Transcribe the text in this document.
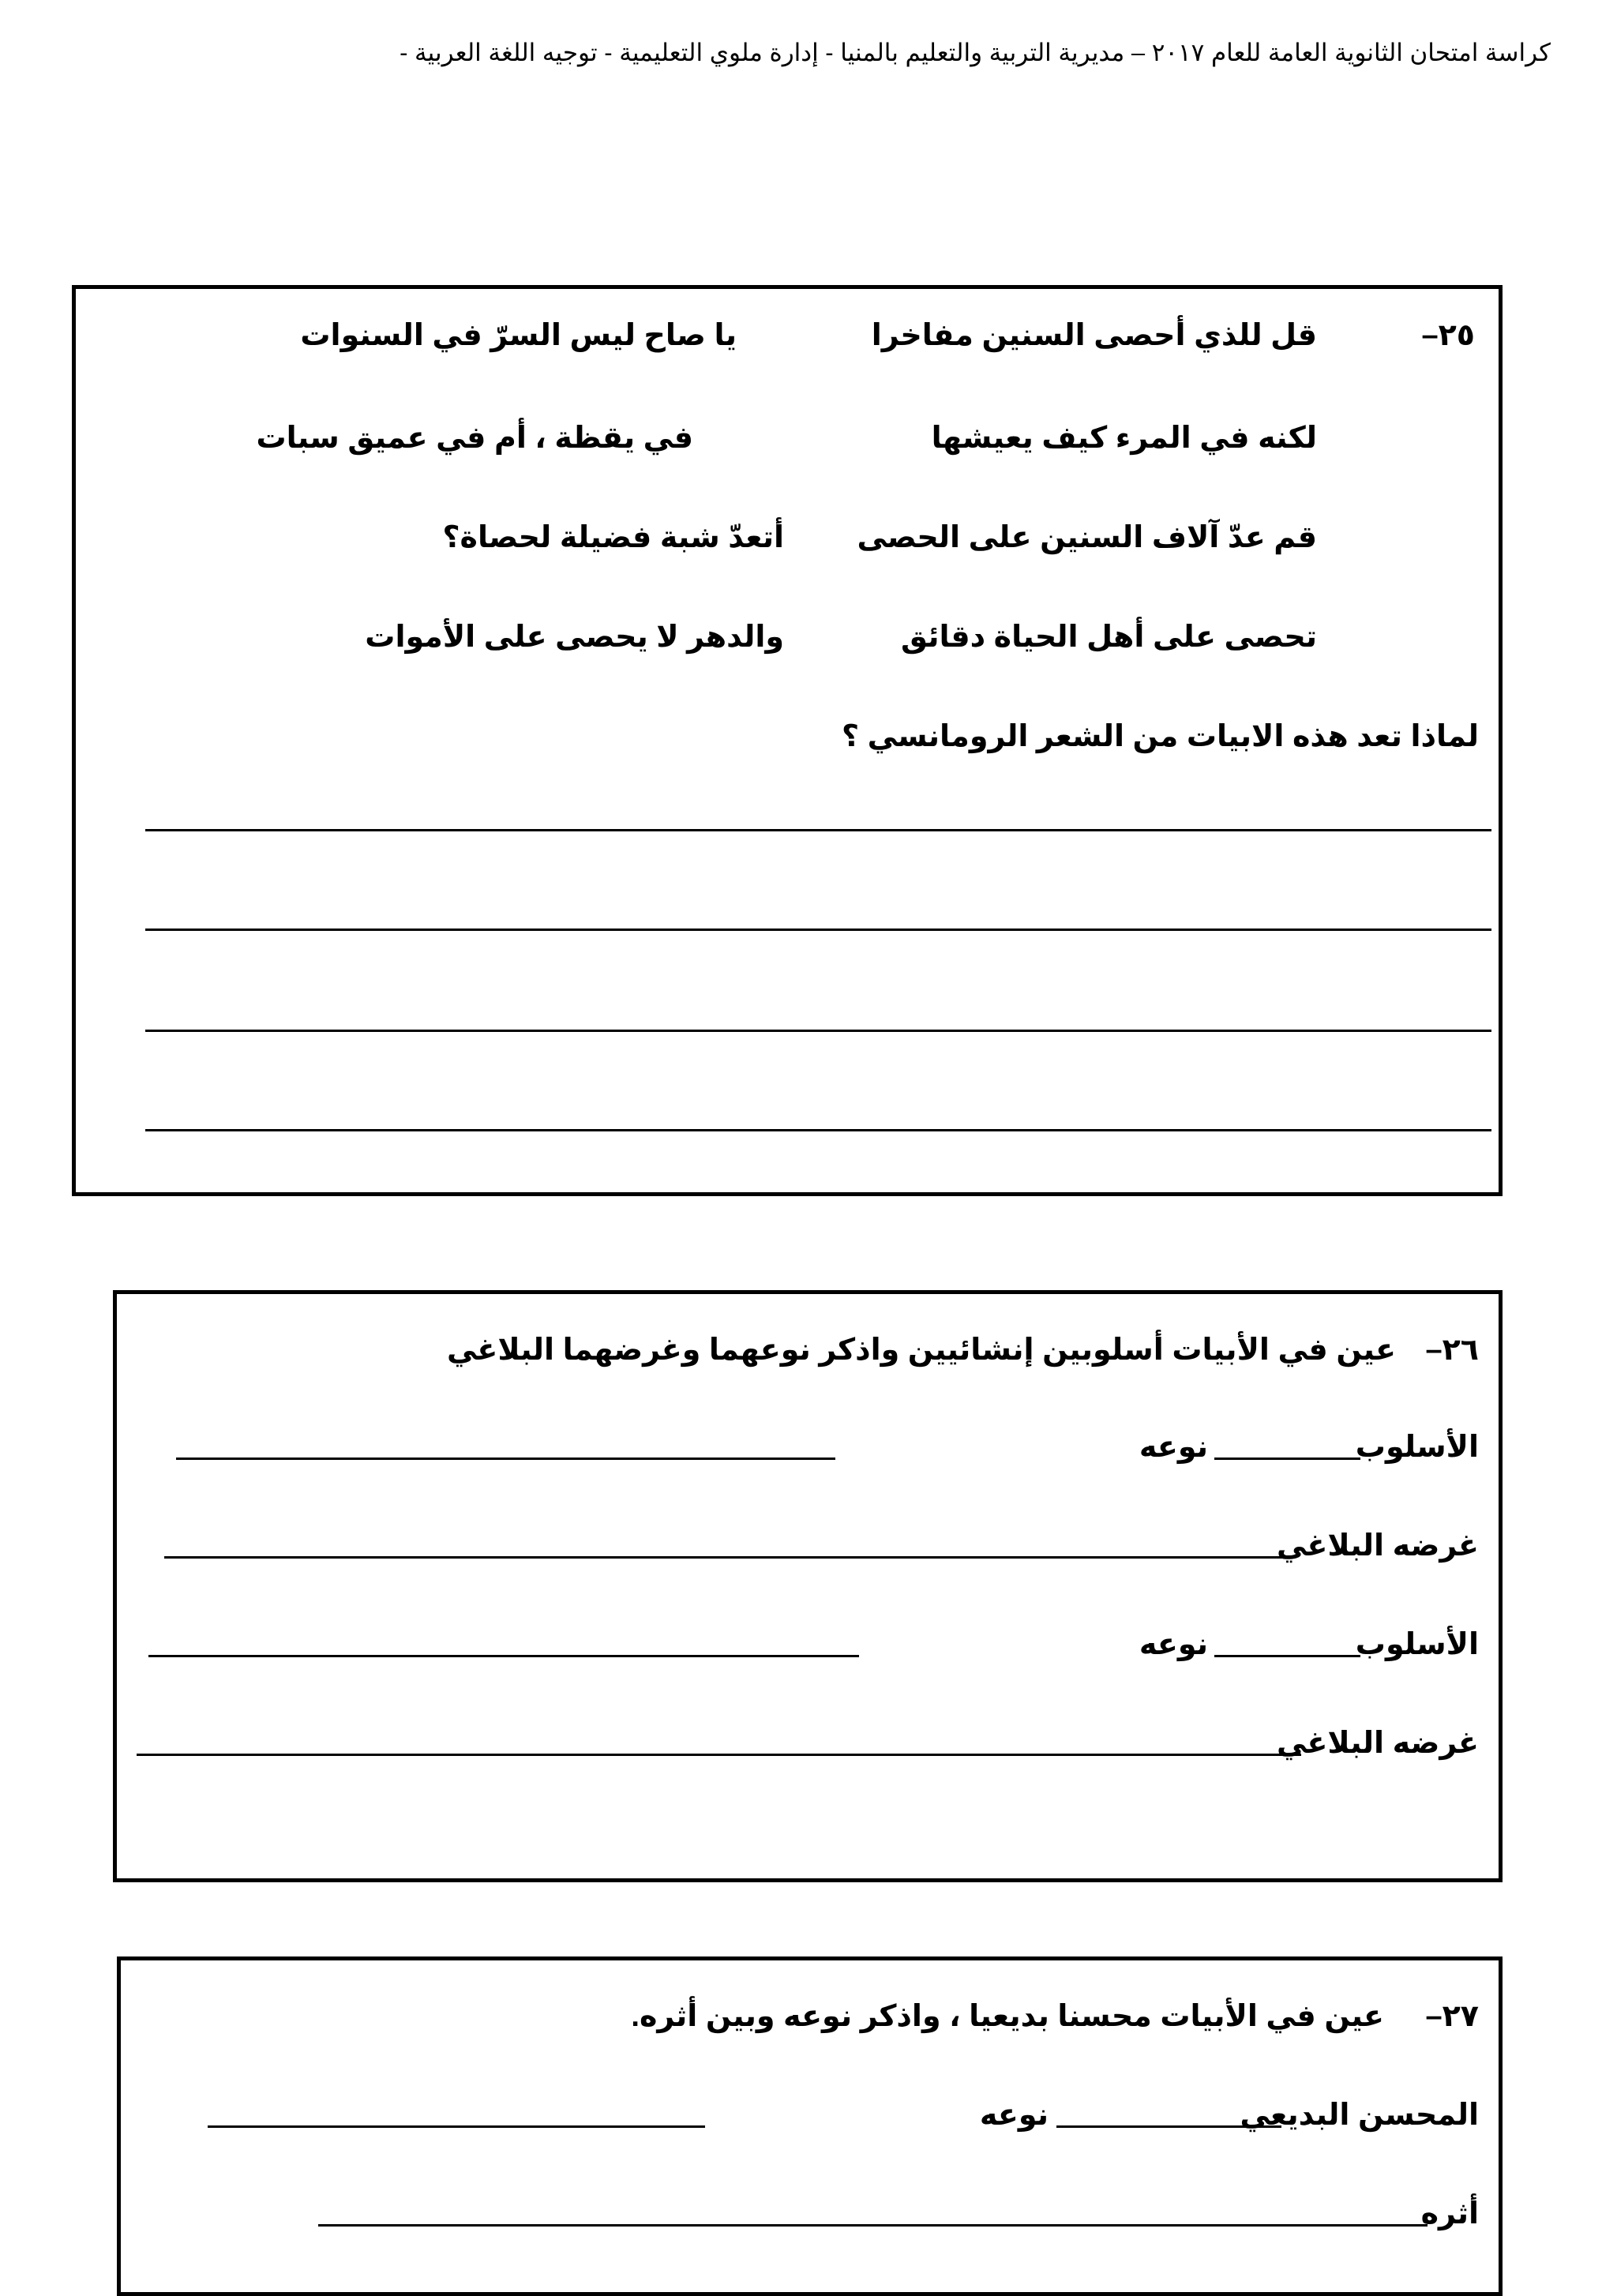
كراسة امتحان الثانوية العامة للعام ٢٠١٧ – مديرية التربية والتعليم بالمنيا - إدارة ملوي التعليمية - توجيه اللغة العربية -
٢٥–
قل للذي أحصى السنين مفاخرا
يا صاح ليس السرّ في السنوات
لكنه في المرء كيف يعيشها
في يقظة ، أم في عميق سبات
قم عدّ آلاف السنين على الحصى
أتعدّ شبة فضيلة لحصاة؟
تحصى على أهل الحياة دقائق
والدهر لا يحصى على الأموات
لماذا تعد هذه الابيات من الشعر الرومانسي ؟
٢٦–
عين في الأبيات أسلوبين إنشائيين واذكر نوعهما وغرضهما البلاغي
الأسلوب
نوعه
غرضه البلاغي
الأسلوب
نوعه
غرضه البلاغي
٢٧–
عين في الأبيات محسنا بديعيا ، واذكر نوعه وبين أثره.
المحسن البديعي
نوعه
أثره
